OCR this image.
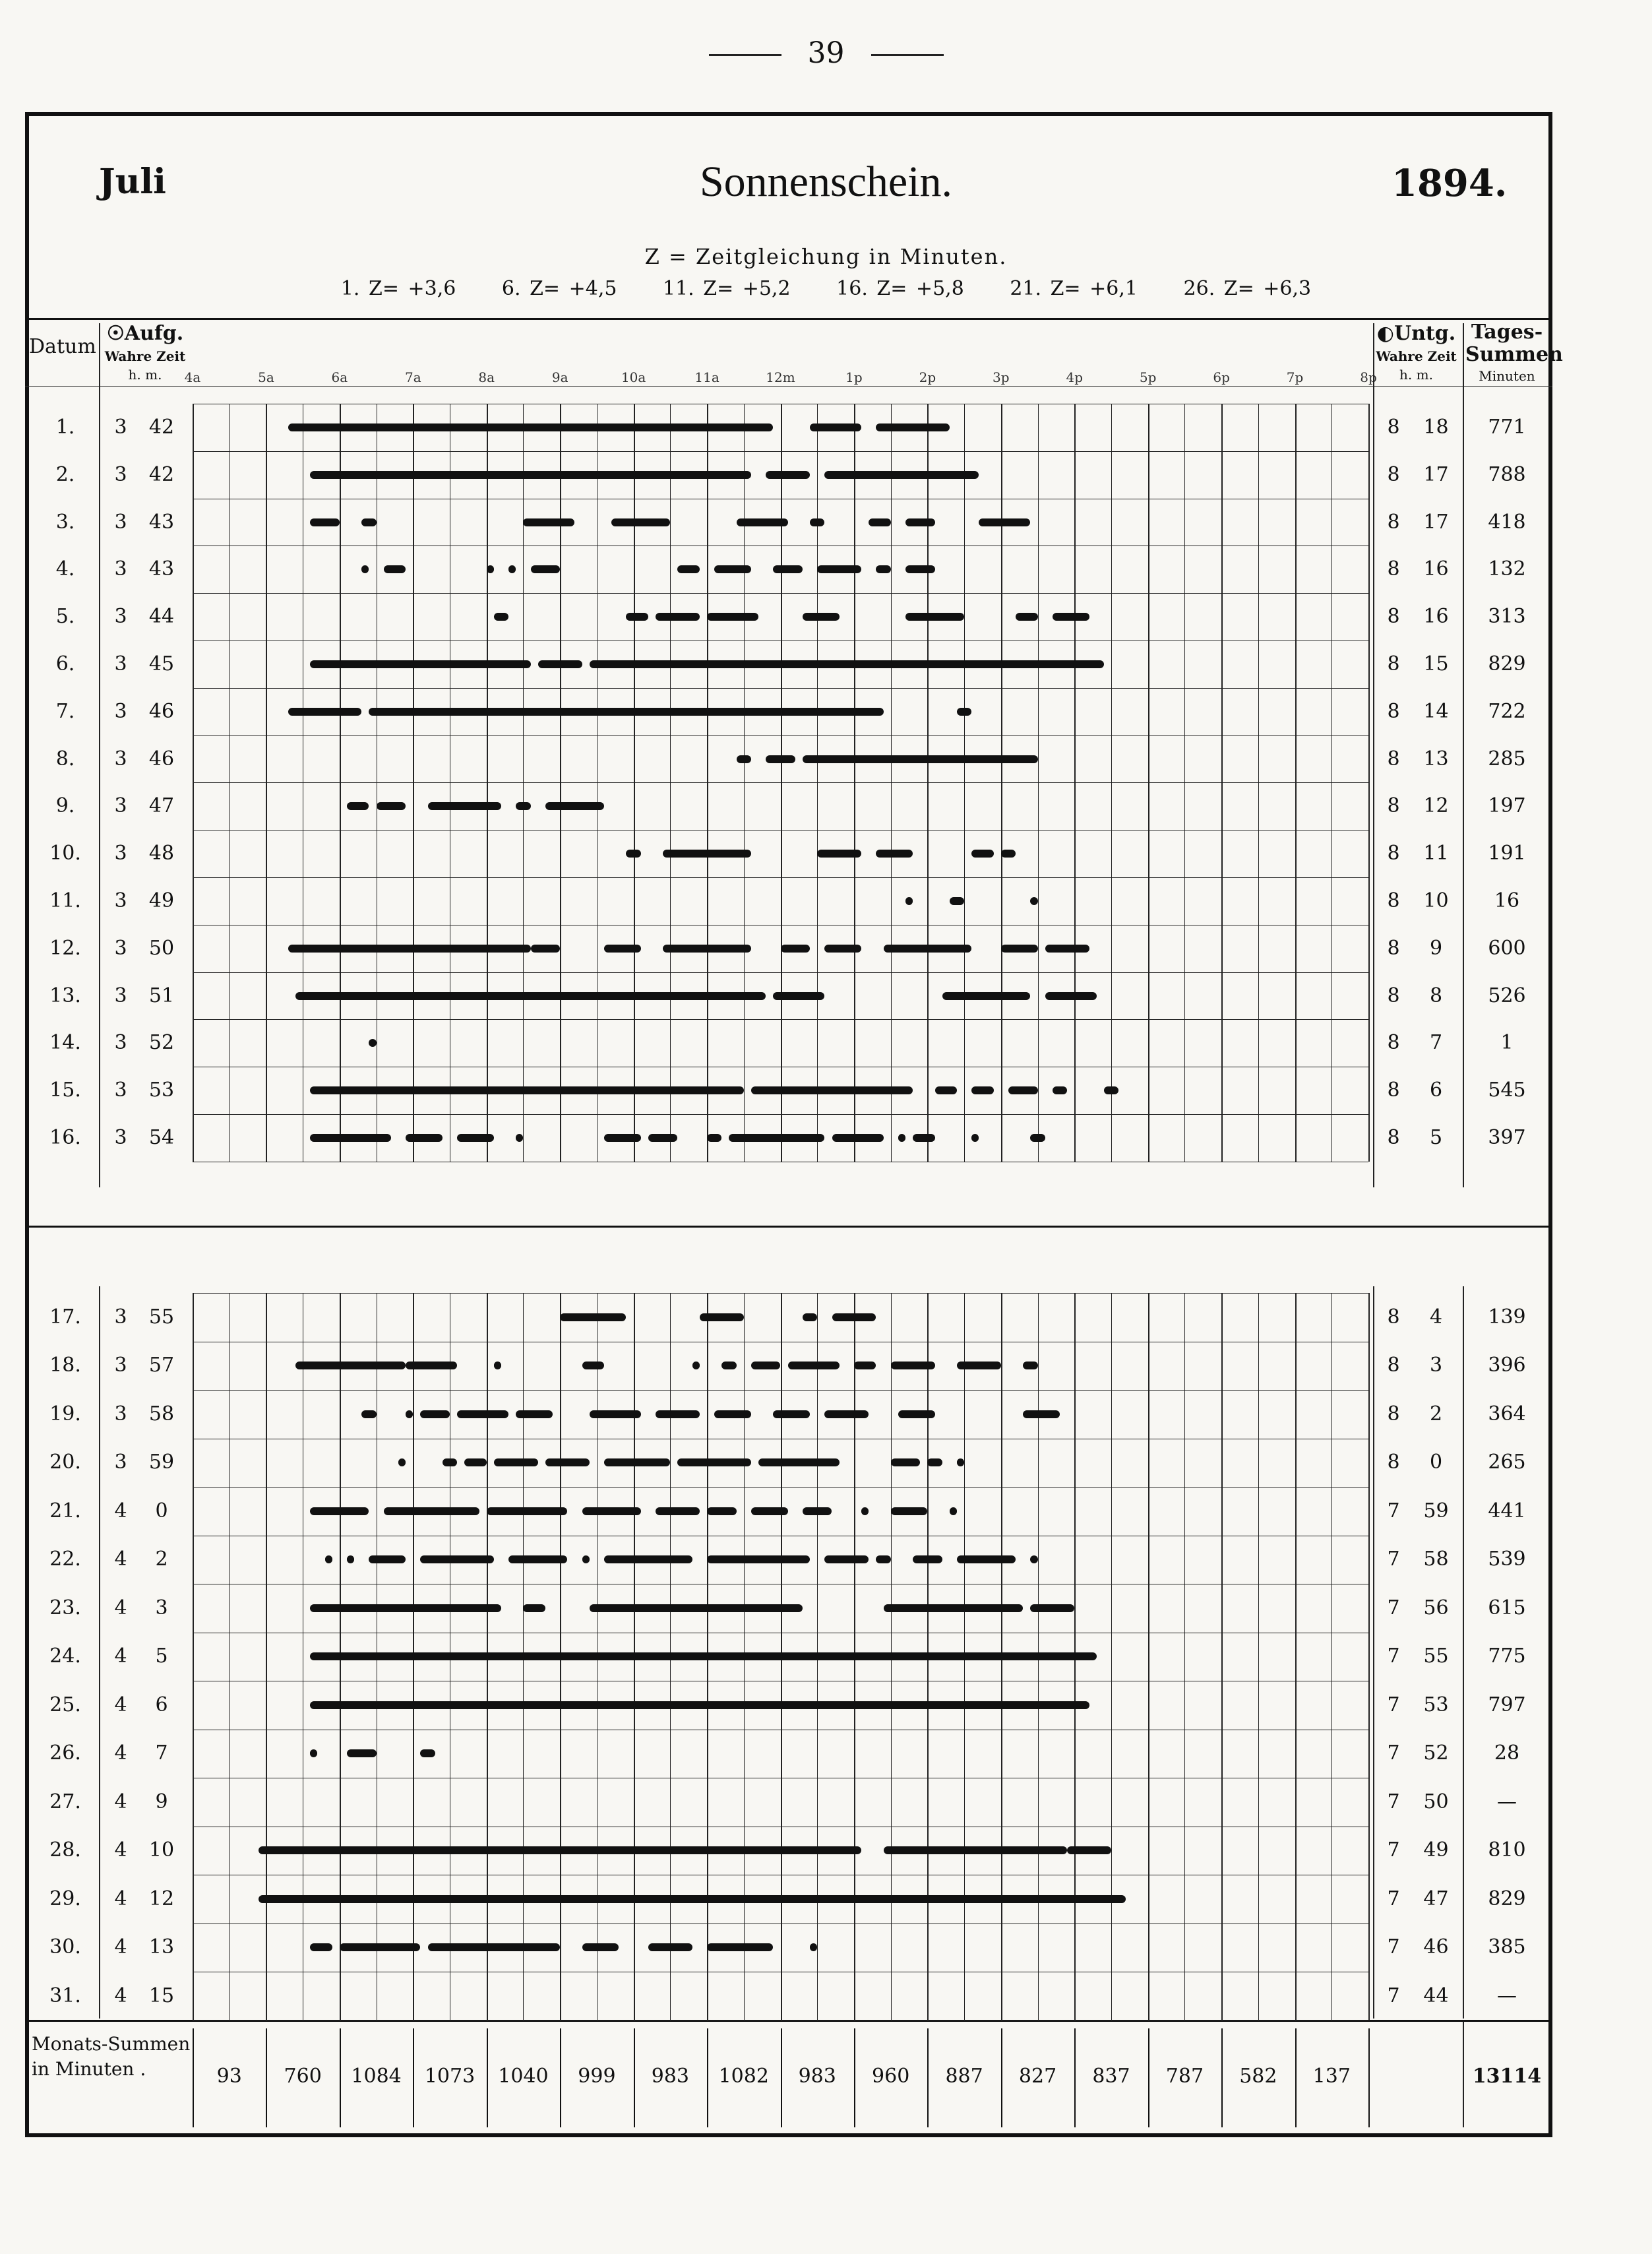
39
Juli	Sonnenschein.	1894.
Z = Zeitgleichung in Minuten.
1. Z= +3,6 6. Z= +4,5 11. Z= +5,2 16. Z= +5,8 21. Z= +6,1 26. Z= +6,3
Datum
☉Aufg.
Wahre Zeit
h. m.
◐Untg.
Wahre Zeit
h. m.
Tages-
Summen
Minuten
4a	5a	6a	7a	8a	9a	10a	11a	12m	1p	2p	3p	4p	5p	6p	7p	8p
1.	3	42	8	18	771
2.	3	42	8	17	788
3.	3	43	8	17	418
4.	3	43	8	16	132
5.	3	44	8	16	313
6.	3	45	8	15	829
7.	3	46	8	14	722
8.	3	46	8	13	285
9.	3	47	8	12	197
10.	3	48	8	11	191
11.	3	49	8	10	16
12.	3	50	8	9	600
13.	3	51	8	8	526
14.	3	52	8	7	1
15.	3	53	8	6	545
16.	3	54	8	5	397
17.	3	55	8	4	139
18.	3	57	8	3	396
19.	3	58	8	2	364
20.	3	59	8	0	265
21.	4	0	7	59	441
22.	4	2	7	58	539
23.	4	3	7	56	615
24.	4	5	7	55	775
25.	4	6	7	53	797
26.	4	7	7	52	28
27.	4	9	7	50	—
28.	4	10	7	49	810
29.	4	12	7	47	829
30.	4	13	7	46	385
31.	4	15	7	44	—
Monats-Summen
in Minuten .	93	760	1084	1073	1040	999	983	1082	983	960	887	827	837	787	582	137	13114
